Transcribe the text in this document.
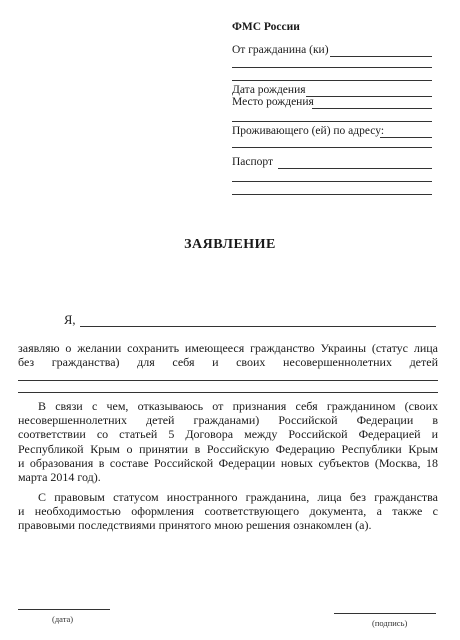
ФМС России
От гражданина (ки)
Дата рождения
Место рождения
Проживающего (ей) по адресу:
Паспорт
ЗАЯВЛЕНИЕ
Я,
заявляю о желании сохранить имеющееся гражданство Украины (статус лица
без гражданства) для себя и своих несовершеннолетних детей
В связи с чем, отказываюсь от признания себя гражданином (своих
несовершеннолетних детей гражданами) Российской Федерации в
соответствии со статьей 5 Договора между Российской Федерацией и
Республикой Крым о принятии в Российскую Федерацию Республики Крым
и образования в составе Российской Федерации новых субъектов (Москва, 18
марта 2014 год).
С правовым статусом иностранного гражданина, лица без гражданства
и необходимостью оформления соответствующего документа, а также с
правовыми последствиями принятого мною решения ознакомлен (а).
(дата)	(подпись)
